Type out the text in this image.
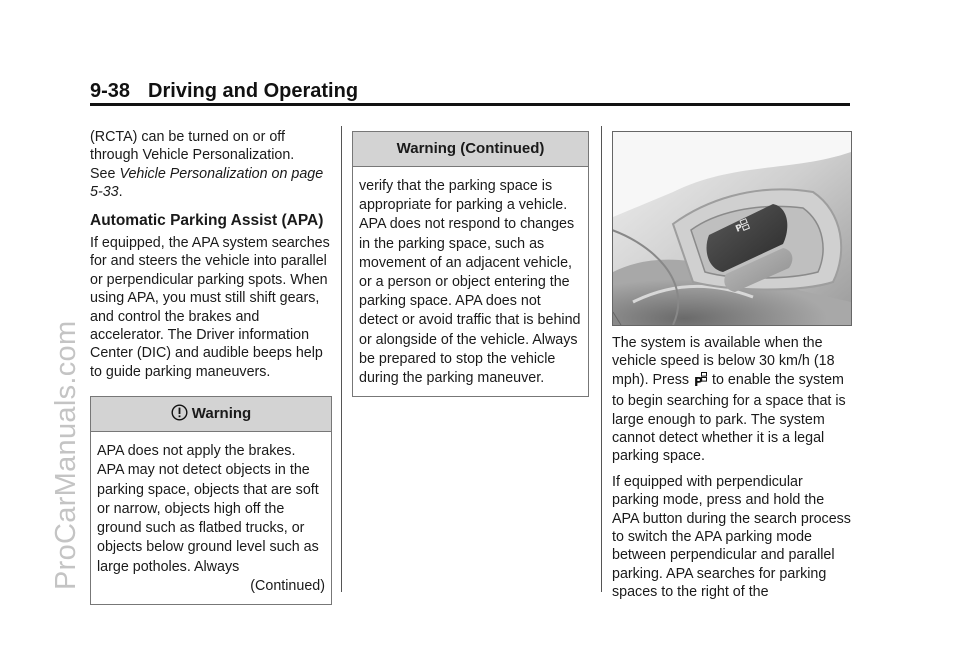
ProCarManuals.com
9-38 Driving and Operating

(RCTA) can be turned on or off
through Vehicle Personalization.
See Vehicle Personalization on page 5-33.

Automatic Parking Assist (APA)

If equipped, the APA system searches for and steers the vehicle into parallel or perpendicular parking spots. When using APA, you must still shift gears, and control the brakes and accelerator. The Driver information Center (DIC) and audible beeps help to guide parking maneuvers.

Warning

APA does not apply the brakes. APA may not detect objects in the parking space, objects that are soft or narrow, objects high off the ground such as flatbed trucks, or objects below ground level such as large potholes. Always

(Continued)

Warning (Continued)

verify that the parking space is appropriate for parking a vehicle. APA does not respond to changes in the parking space, such as movement of an adjacent vehicle, or a person or object entering the parking space. APA does not detect or avoid traffic that is behind or alongside of the vehicle. Always be prepared to stop the vehicle during the parking maneuver.

P

The system is available when the vehicle speed is below 30 km/h (18 mph). Press P to enable the system to begin searching for a space that is large enough to park. The system cannot detect whether it is a legal parking space.

If equipped with perpendicular parking mode, press and hold the APA button during the search process to switch the APA parking mode between perpendicular and parallel parking. APA searches for parking spaces to the right of the
